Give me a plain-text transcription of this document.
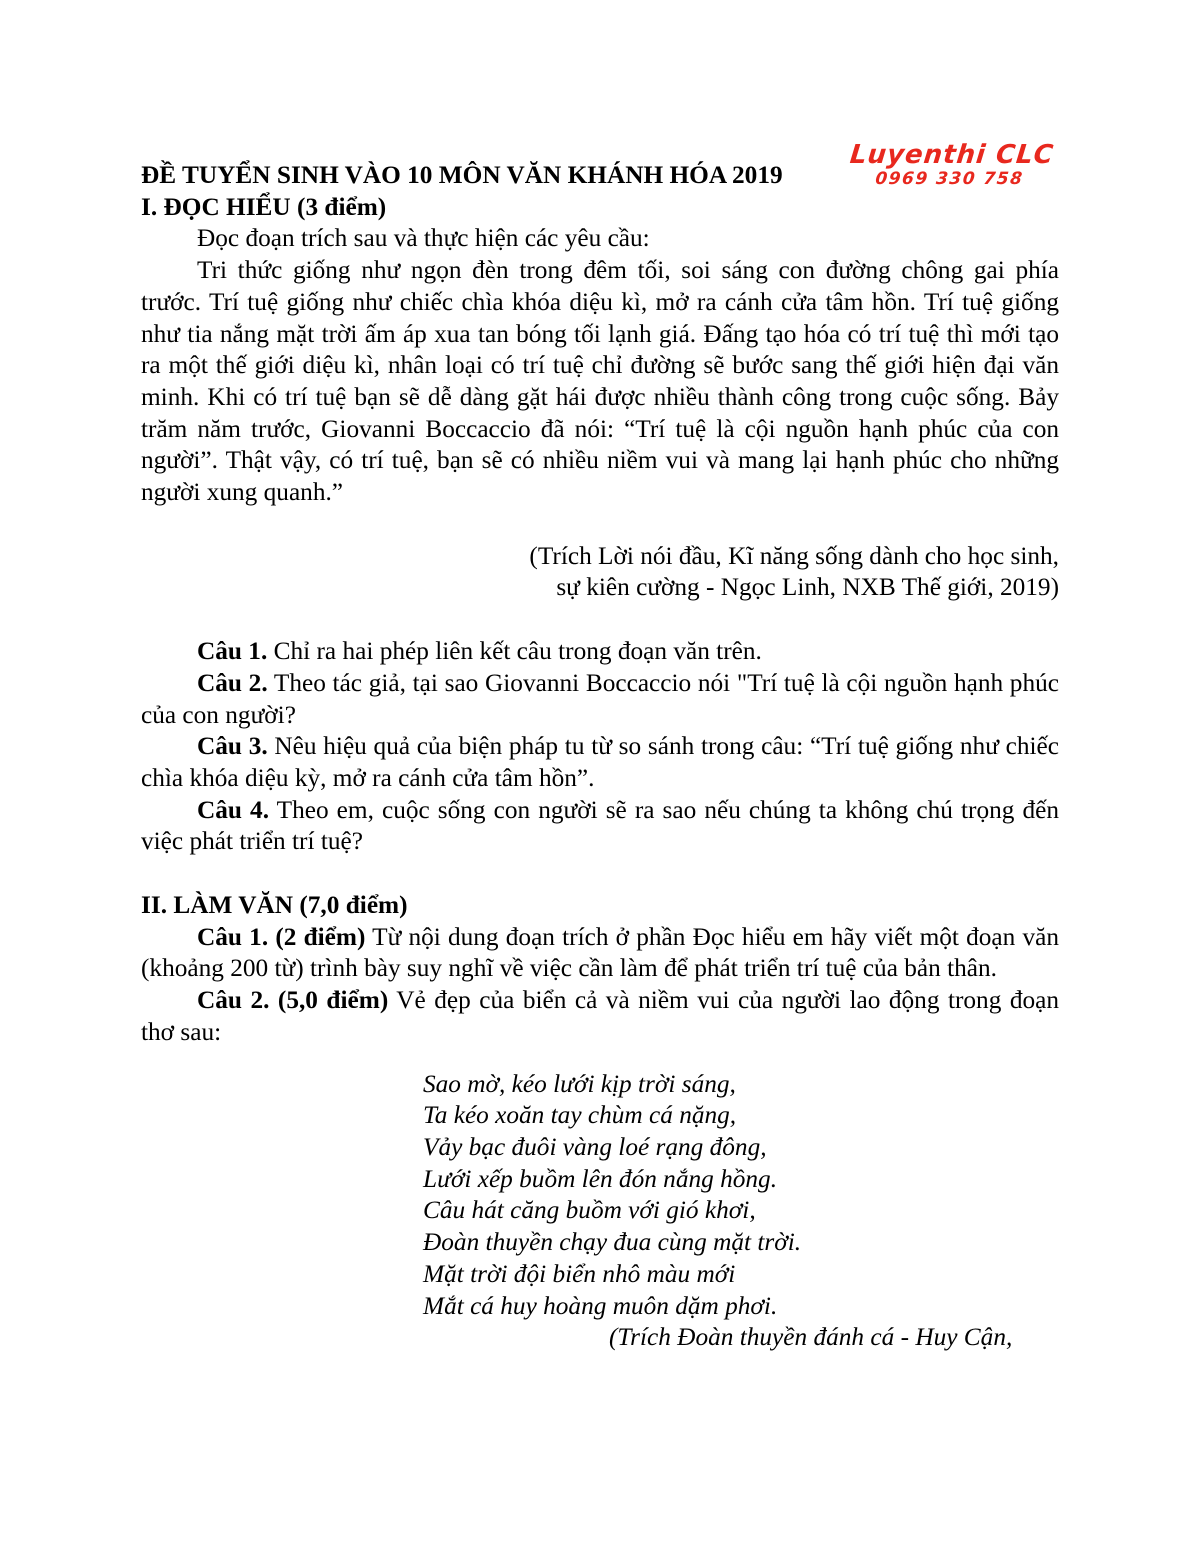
Luyenthi CLC
0969 330 758
ĐỀ TUYỂN SINH VÀO 10 MÔN VĂN KHÁNH HÓA 2019
I. ĐỌC HIỂU (3 điểm)

Đọc đoạn trích sau và thực hiện các yêu cầu:

Tri thức giống như ngọn đèn trong đêm tối, soi sáng con đường chông gai phía trước. Trí tuệ giống như chiếc chìa khóa diệu kì, mở ra cánh cửa tâm hồn. Trí tuệ giống như tia nắng mặt trời ấm áp xua tan bóng tối lạnh giá. Đấng tạo hóa có trí tuệ thì mới tạo ra một thế giới diệu kì, nhân loại có trí tuệ chỉ đường sẽ bước sang thế giới hiện đại văn minh. Khi có trí tuệ bạn sẽ dễ dàng gặt hái được nhiều thành công trong cuộc sống. Bảy trăm năm trước, Giovanni Boccaccio đã nói: “Trí tuệ là cội nguồn hạnh phúc của con người”. Thật vậy, có trí tuệ, bạn sẽ có nhiều niềm vui và mang lại hạnh phúc cho những người xung quanh.”

(Trích Lời nói đầu, Kĩ năng sống dành cho học sinh,
sự kiên cường - Ngọc Linh, NXB Thế giới, 2019)

Câu 1. Chỉ ra hai phép liên kết câu trong đoạn văn trên.

Câu 2. Theo tác giả, tại sao Giovanni Boccaccio nói "Trí tuệ là cội nguồn hạnh phúc của con người?

Câu 3. Nêu hiệu quả của biện pháp tu từ so sánh trong câu: “Trí tuệ giống như chiếc chìa khóa diệu kỳ, mở ra cánh cửa tâm hồn”.

Câu 4. Theo em, cuộc sống con người sẽ ra sao nếu chúng ta không chú trọng đến việc phát triển trí tuệ?

II. LÀM VĂN (7,0 điểm)

Câu 1. (2 điểm) Từ nội dung đoạn trích ở phần Đọc hiểu em hãy viết một đoạn văn (khoảng 200 từ) trình bày suy nghĩ về việc cần làm để phát triển trí tuệ của bản thân.

Câu 2. (5,0 điểm) Vẻ đẹp của biển cả và niềm vui của người lao động trong đoạn thơ sau:

Sao mờ, kéo lưới kịp trời sáng,
Ta kéo xoăn tay chùm cá nặng,
Vảy bạc đuôi vàng loé rạng đông,
Lưới xếp buồm lên đón nắng hồng.
Câu hát căng buồm với gió khơi,
Đoàn thuyền chạy đua cùng mặt trời.
Mặt trời đội biển nhô màu mới
Mắt cá huy hoàng muôn dặm phơi.
(Trích Đoàn thuyền đánh cá - Huy Cận,
